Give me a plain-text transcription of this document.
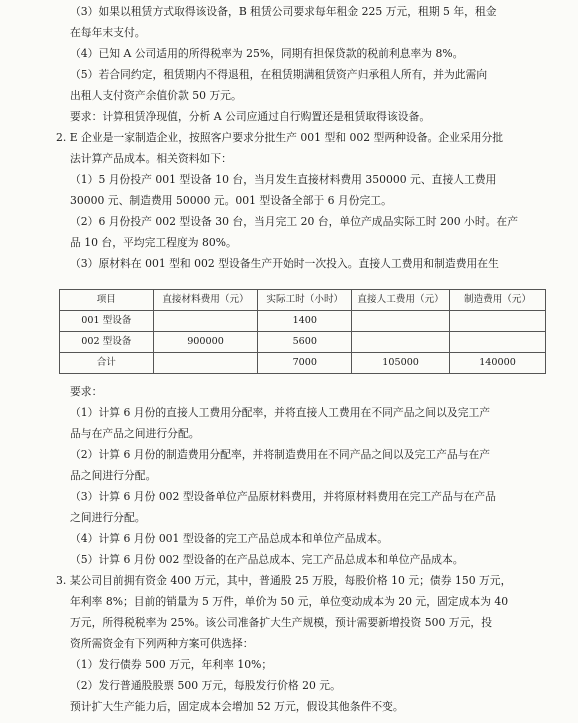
（3）如果以租赁方式取得该设备，B 租赁公司要求每年租金 225 万元，租期 5 年，租金
在每年末支付。
（4）已知 A 公司适用的所得税率为 25%，同期有担保贷款的税前利息率为 8%。
（5）若合同约定，租赁期内不得退租，在租赁期满租赁资产归承租人所有，并为此需向
出租人支付资产余值价款 50 万元。
要求：计算租赁净现值，分析 A 公司应通过自行购置还是租赁取得该设备。
2. E 企业是一家制造企业，按照客户要求分批生产 001 型和 002 型两种设备。企业采用分批
法计算产品成本。相关资料如下：
（1）5 月份投产 001 型设备 10 台，当月发生直接材料费用 350000 元、直接人工费用
30000 元、制造费用 50000 元。001 型设备全部于 6 月份完工。
（2）6 月份投产 002 型设备 30 台，当月完工 20 台，单位产成品实际工时 200 小时。在产
品 10 台，平均完工程度为 80%。
（3）原材料在 001 型和 002 型设备生产开始时一次投入。直接人工费用和制造费用在生
项目	直接材料费用（元）	实际工时（小时）	直接人工费用（元）	制造费用（元）
001 型设备		1400		
002 型设备	900000	5600		
合计		7000	105000	140000
要求：
（1）计算 6 月份的直接人工费用分配率，并将直接人工费用在不同产品之间以及完工产
品与在产品之间进行分配。
（2）计算 6 月份的制造费用分配率，并将制造费用在不同产品之间以及完工产品与在产
品之间进行分配。
（3）计算 6 月份 002 型设备单位产品原材料费用，并将原材料费用在完工产品与在产品
之间进行分配。
（4）计算 6 月份 001 型设备的完工产品总成本和单位产品成本。
（5）计算 6 月份 002 型设备的在产品总成本、完工产品总成本和单位产品成本。
3. 某公司目前拥有资金 400 万元，其中，普通股 25 万股，每股价格 10 元；债券 150 万元，
年利率 8%；目前的销量为 5 万件，单价为 50 元，单位变动成本为 20 元，固定成本为 40
万元，所得税税率为 25%。该公司准备扩大生产规模，预计需要新增投资 500 万元，投
资所需资金有下列两种方案可供选择：
（1）发行债券 500 万元，年利率 10%；
（2）发行普通股股票 500 万元，每股发行价格 20 元。
预计扩大生产能力后，固定成本会增加 52 万元，假设其他条件不变。
